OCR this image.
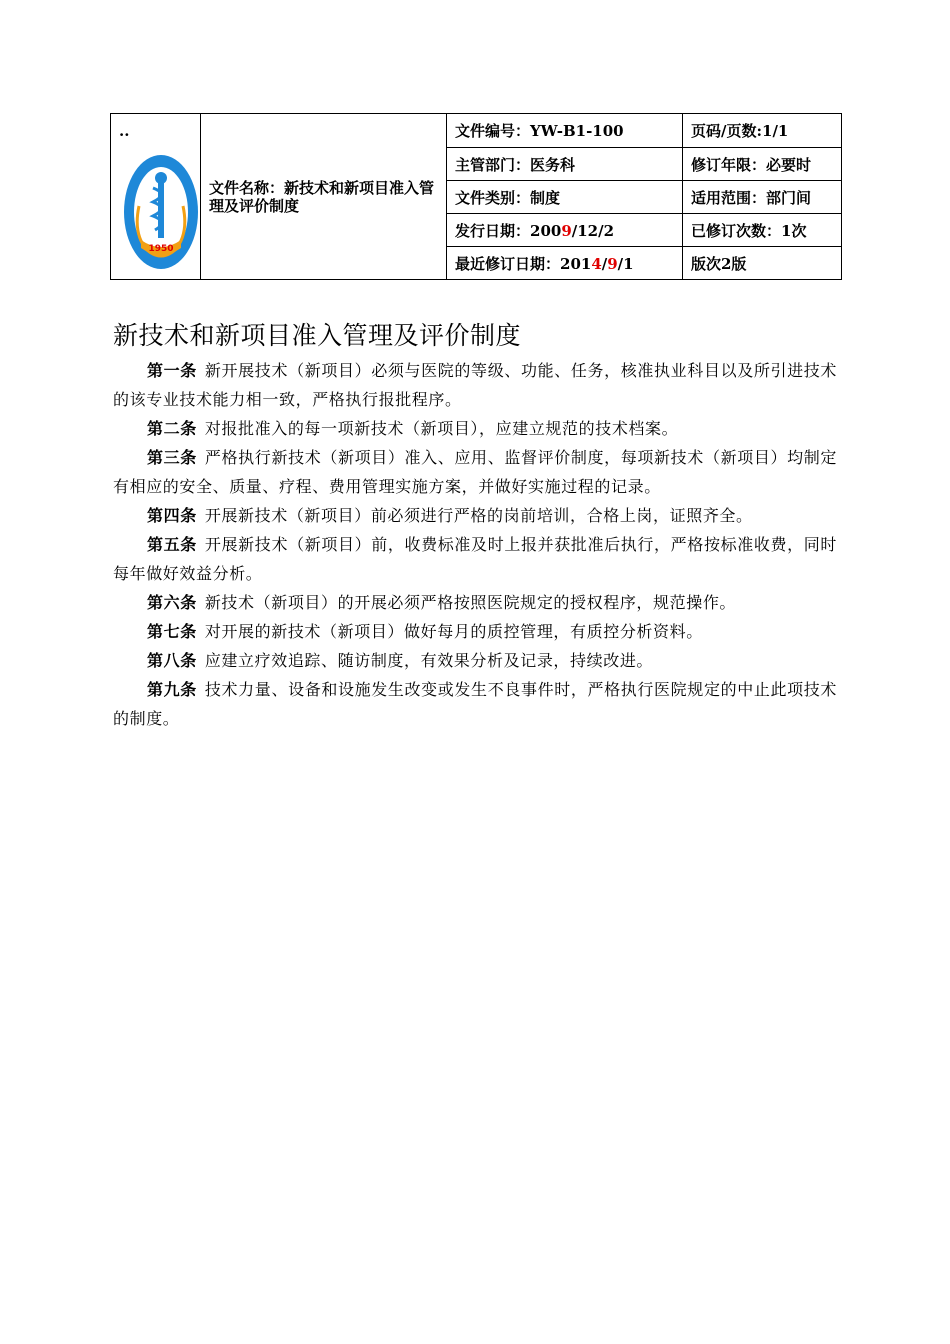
..
1950	文件名称：新技术和新项目准入管理及评价制度	文件编号：YW-B1-100	页码/页数:1/1
		主管部门：医务科	修订年限：必要时
		文件类别：制度	适用范围：部门间
		发行日期：2009/12/2	已修订次数：1次
		最近修订日期：2014/9/1	版次2版
新技术和新项目准入管理及评价制度

第一条 新开展技术（新项目）必须与医院的等级、功能、任务，核准执业科目以及所引进技术的该专业技术能力相一致，严格执行报批程序。

第二条 对报批准入的每一项新技术（新项目），应建立规范的技术档案。

第三条 严格执行新技术（新项目）准入、应用、监督评价制度，每项新技术（新项目）均制定有相应的安全、质量、疗程、费用管理实施方案，并做好实施过程的记录。

第四条 开展新技术（新项目）前必须进行严格的岗前培训，合格上岗，证照齐全。

第五条 开展新技术（新项目）前，收费标准及时上报并获批准后执行，严格按标准收费，同时每年做好效益分析。

第六条 新技术（新项目）的开展必须严格按照医院规定的授权程序，规范操作。

第七条 对开展的新技术（新项目）做好每月的质控管理，有质控分析资料。

第八条 应建立疗效追踪、随访制度，有效果分析及记录，持续改进。

第九条 技术力量、设备和设施发生改变或发生不良事件时，严格执行医院规定的中止此项技术的制度。
